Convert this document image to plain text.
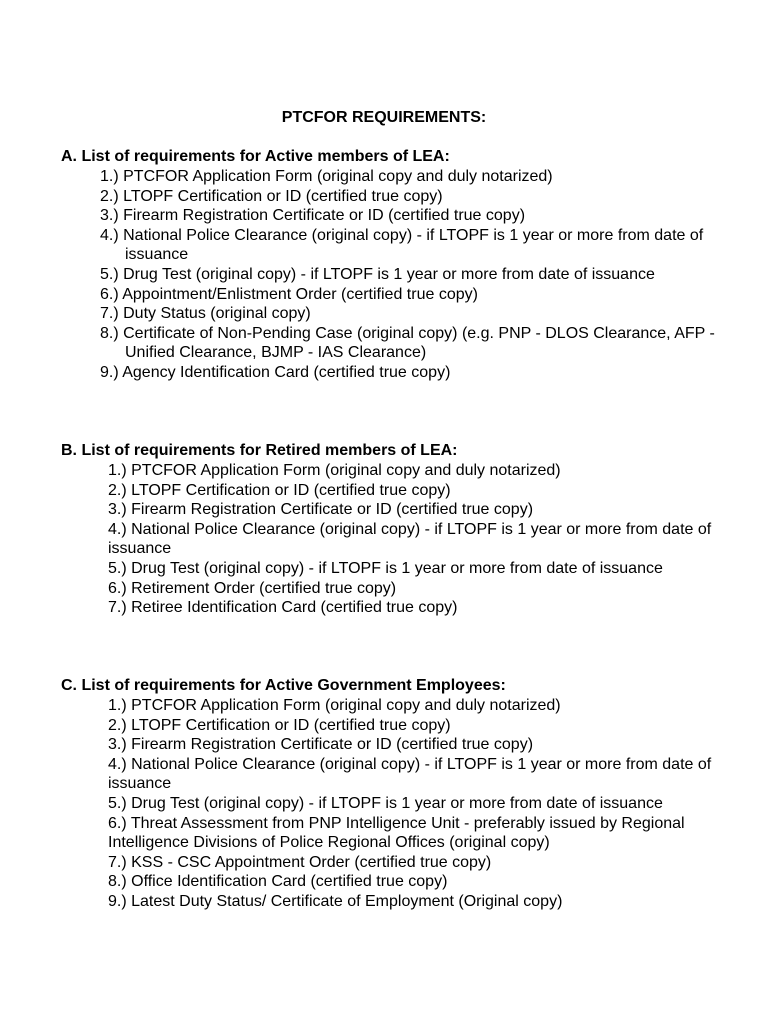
PTCFOR REQUIREMENTS:
A. List of requirements for Active members of LEA:
1.) PTCFOR Application Form (original copy and duly notarized)
2.) LTOPF Certification or ID (certified true copy)
3.) Firearm Registration Certificate or ID (certified true copy)
4.) National Police Clearance (original copy) - if LTOPF is 1 year or more from date of issuance
5.) Drug Test (original copy) - if LTOPF is 1 year or more from date of issuance
6.) Appointment/Enlistment Order (certified true copy)
7.) Duty Status (original copy)
8.) Certificate of Non-Pending Case (original copy) (e.g. PNP - DLOS Clearance, AFP - Unified Clearance, BJMP - IAS Clearance)
9.) Agency Identification Card (certified true copy)
B. List of requirements for Retired members of LEA:
1.) PTCFOR Application Form (original copy and duly notarized)
2.) LTOPF Certification or ID (certified true copy)
3.) Firearm Registration Certificate or ID (certified true copy)
4.) National Police Clearance (original copy) - if LTOPF is 1 year or more from date of issuance
5.) Drug Test (original copy) - if LTOPF is 1 year or more from date of issuance
6.) Retirement Order (certified true copy)
7.) Retiree Identification Card (certified true copy)
C. List of requirements for Active Government Employees:
1.) PTCFOR Application Form (original copy and duly notarized)
2.) LTOPF Certification or ID (certified true copy)
3.) Firearm Registration Certificate or ID (certified true copy)
4.) National Police Clearance (original copy) - if LTOPF is 1 year or more from date of issuance
5.) Drug Test (original copy) - if LTOPF is 1 year or more from date of issuance
6.) Threat Assessment from PNP Intelligence Unit - preferably issued by Regional Intelligence Divisions of Police Regional Offices (original copy)
7.) KSS - CSC Appointment Order (certified true copy)
8.) Office Identification Card (certified true copy)
9.) Latest Duty Status/ Certificate of Employment (Original copy)
